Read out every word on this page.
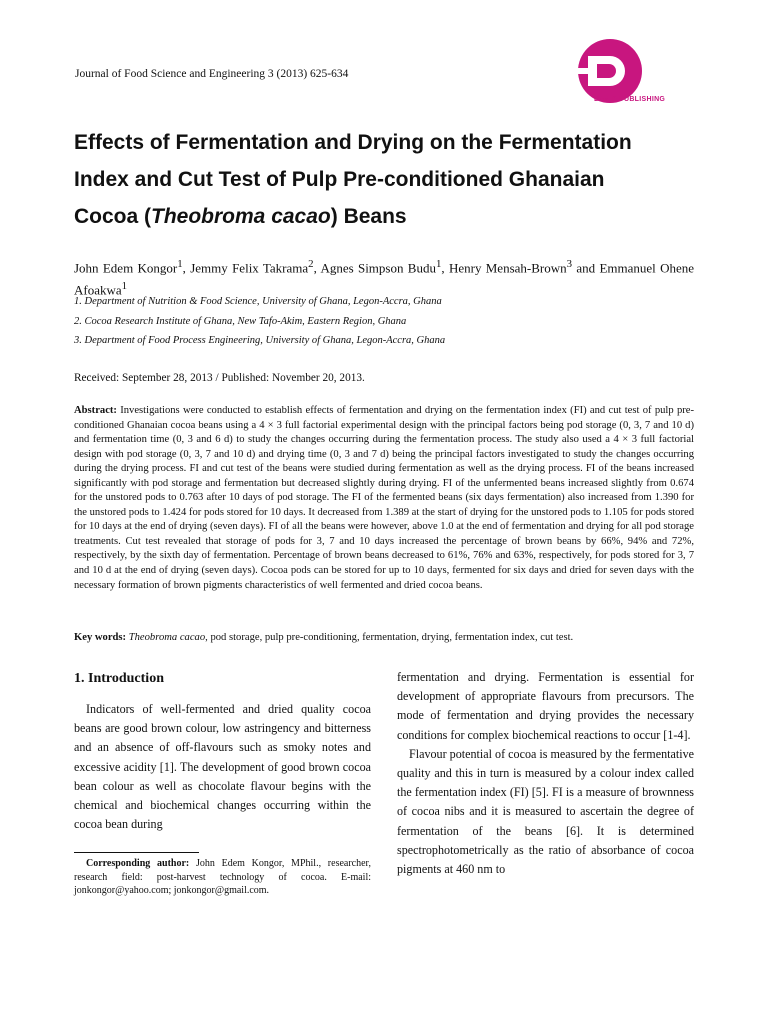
Journal of Food Science and Engineering 3 (2013) 625-634
DAVID PUBLISHING
Effects of Fermentation and Drying on the Fermentation
Index and Cut Test of Pulp Pre-conditioned Ghanaian
Cocoa (Theobroma cacao) Beans
John Edem Kongor$^1$, Jemmy Felix Takrama$^2$, Agnes Simpson Budu$^1$, Henry Mensah-Brown$^3$ and Emmanuel Ohene Afoakwa$^1$
1. Department of Nutrition & Food Science, University of Ghana, Legon-Accra, Ghana
2. Cocoa Research Institute of Ghana, New Tafo-Akim, Eastern Region, Ghana
3. Department of Food Process Engineering, University of Ghana, Legon-Accra, Ghana
Received: September 28, 2013 / Published: November 20, 2013.
Abstract: Investigations were conducted to establish effects of fermentation and drying on the fermentation index (FI) and cut test of pulp pre-conditioned Ghanaian cocoa beans using a 4 × 3 full factorial experimental design with the principal factors being pod storage (0, 3, 7 and 10 d) and fermentation time (0, 3 and 6 d) to study the changes occurring during the fermentation process. The study also used a 4 × 3 full factorial design with pod storage (0, 3, 7 and 10 d) and drying time (0, 3 and 7 d) being the principal factors investigated to study the changes occurring during the drying process. FI and cut test of the beans were studied during fermentation as well as the drying process. FI of the beans increased significantly with pod storage and fermentation but decreased slightly during drying. FI of the unfermented beans increased slightly from 0.674 for the unstored pods to 0.763 after 10 days of pod storage. The FI of the fermented beans (six days fermentation) also increased from 1.390 for the unstored pods to 1.424 for pods stored for 10 days. It decreased from 1.389 at the start of drying for the unstored pods to 1.105 for pods stored for 10 days at the end of drying (seven days). FI of all the beans were however, above 1.0 at the end of fermentation and drying for all pod storage treatments. Cut test revealed that storage of pods for 3, 7 and 10 days increased the percentage of brown beans by 66%, 94% and 72%, respectively, by the sixth day of fermentation. Percentage of brown beans decreased to 61%, 76% and 63%, respectively, for pods stored for 3, 7 and 10 d at the end of drying (seven days). Cocoa pods can be stored for up to 10 days, fermented for six days and dried for seven days with the necessary formation of brown pigments characteristics of well fermented and dried cocoa beans.
Key words: Theobroma cacao, pod storage, pulp pre-conditioning, fermentation, drying, fermentation index, cut test.
1. Introduction

Indicators of well-fermented and dried quality cocoa beans are good brown colour, low astringency and bitterness and an absence of off-flavours such as smoky notes and excessive acidity [1]. The development of good brown cocoa bean colour as well as chocolate flavour begins with the chemical and biochemical changes occurring within the cocoa bean during

fermentation and drying. Fermentation is essential for development of appropriate flavours from precursors. The mode of fermentation and drying provides the necessary conditions for complex biochemical reactions to occur [1-4].

Flavour potential of cocoa is measured by the fermentative quality and this in turn is measured by a colour index called the fermentation index (FI) [5]. FI is a measure of brownness of cocoa nibs and it is measured to ascertain the degree of fermentation of the beans [6]. It is determined spectrophotometrically as the ratio of absorbance of cocoa pigments at 460 nm to

Corresponding author: John Edem Kongor, MPhil., researcher, research field: post-harvest technology of cocoa. E-mail: jonkongor@yahoo.com; jonkongor@gmail.com.
